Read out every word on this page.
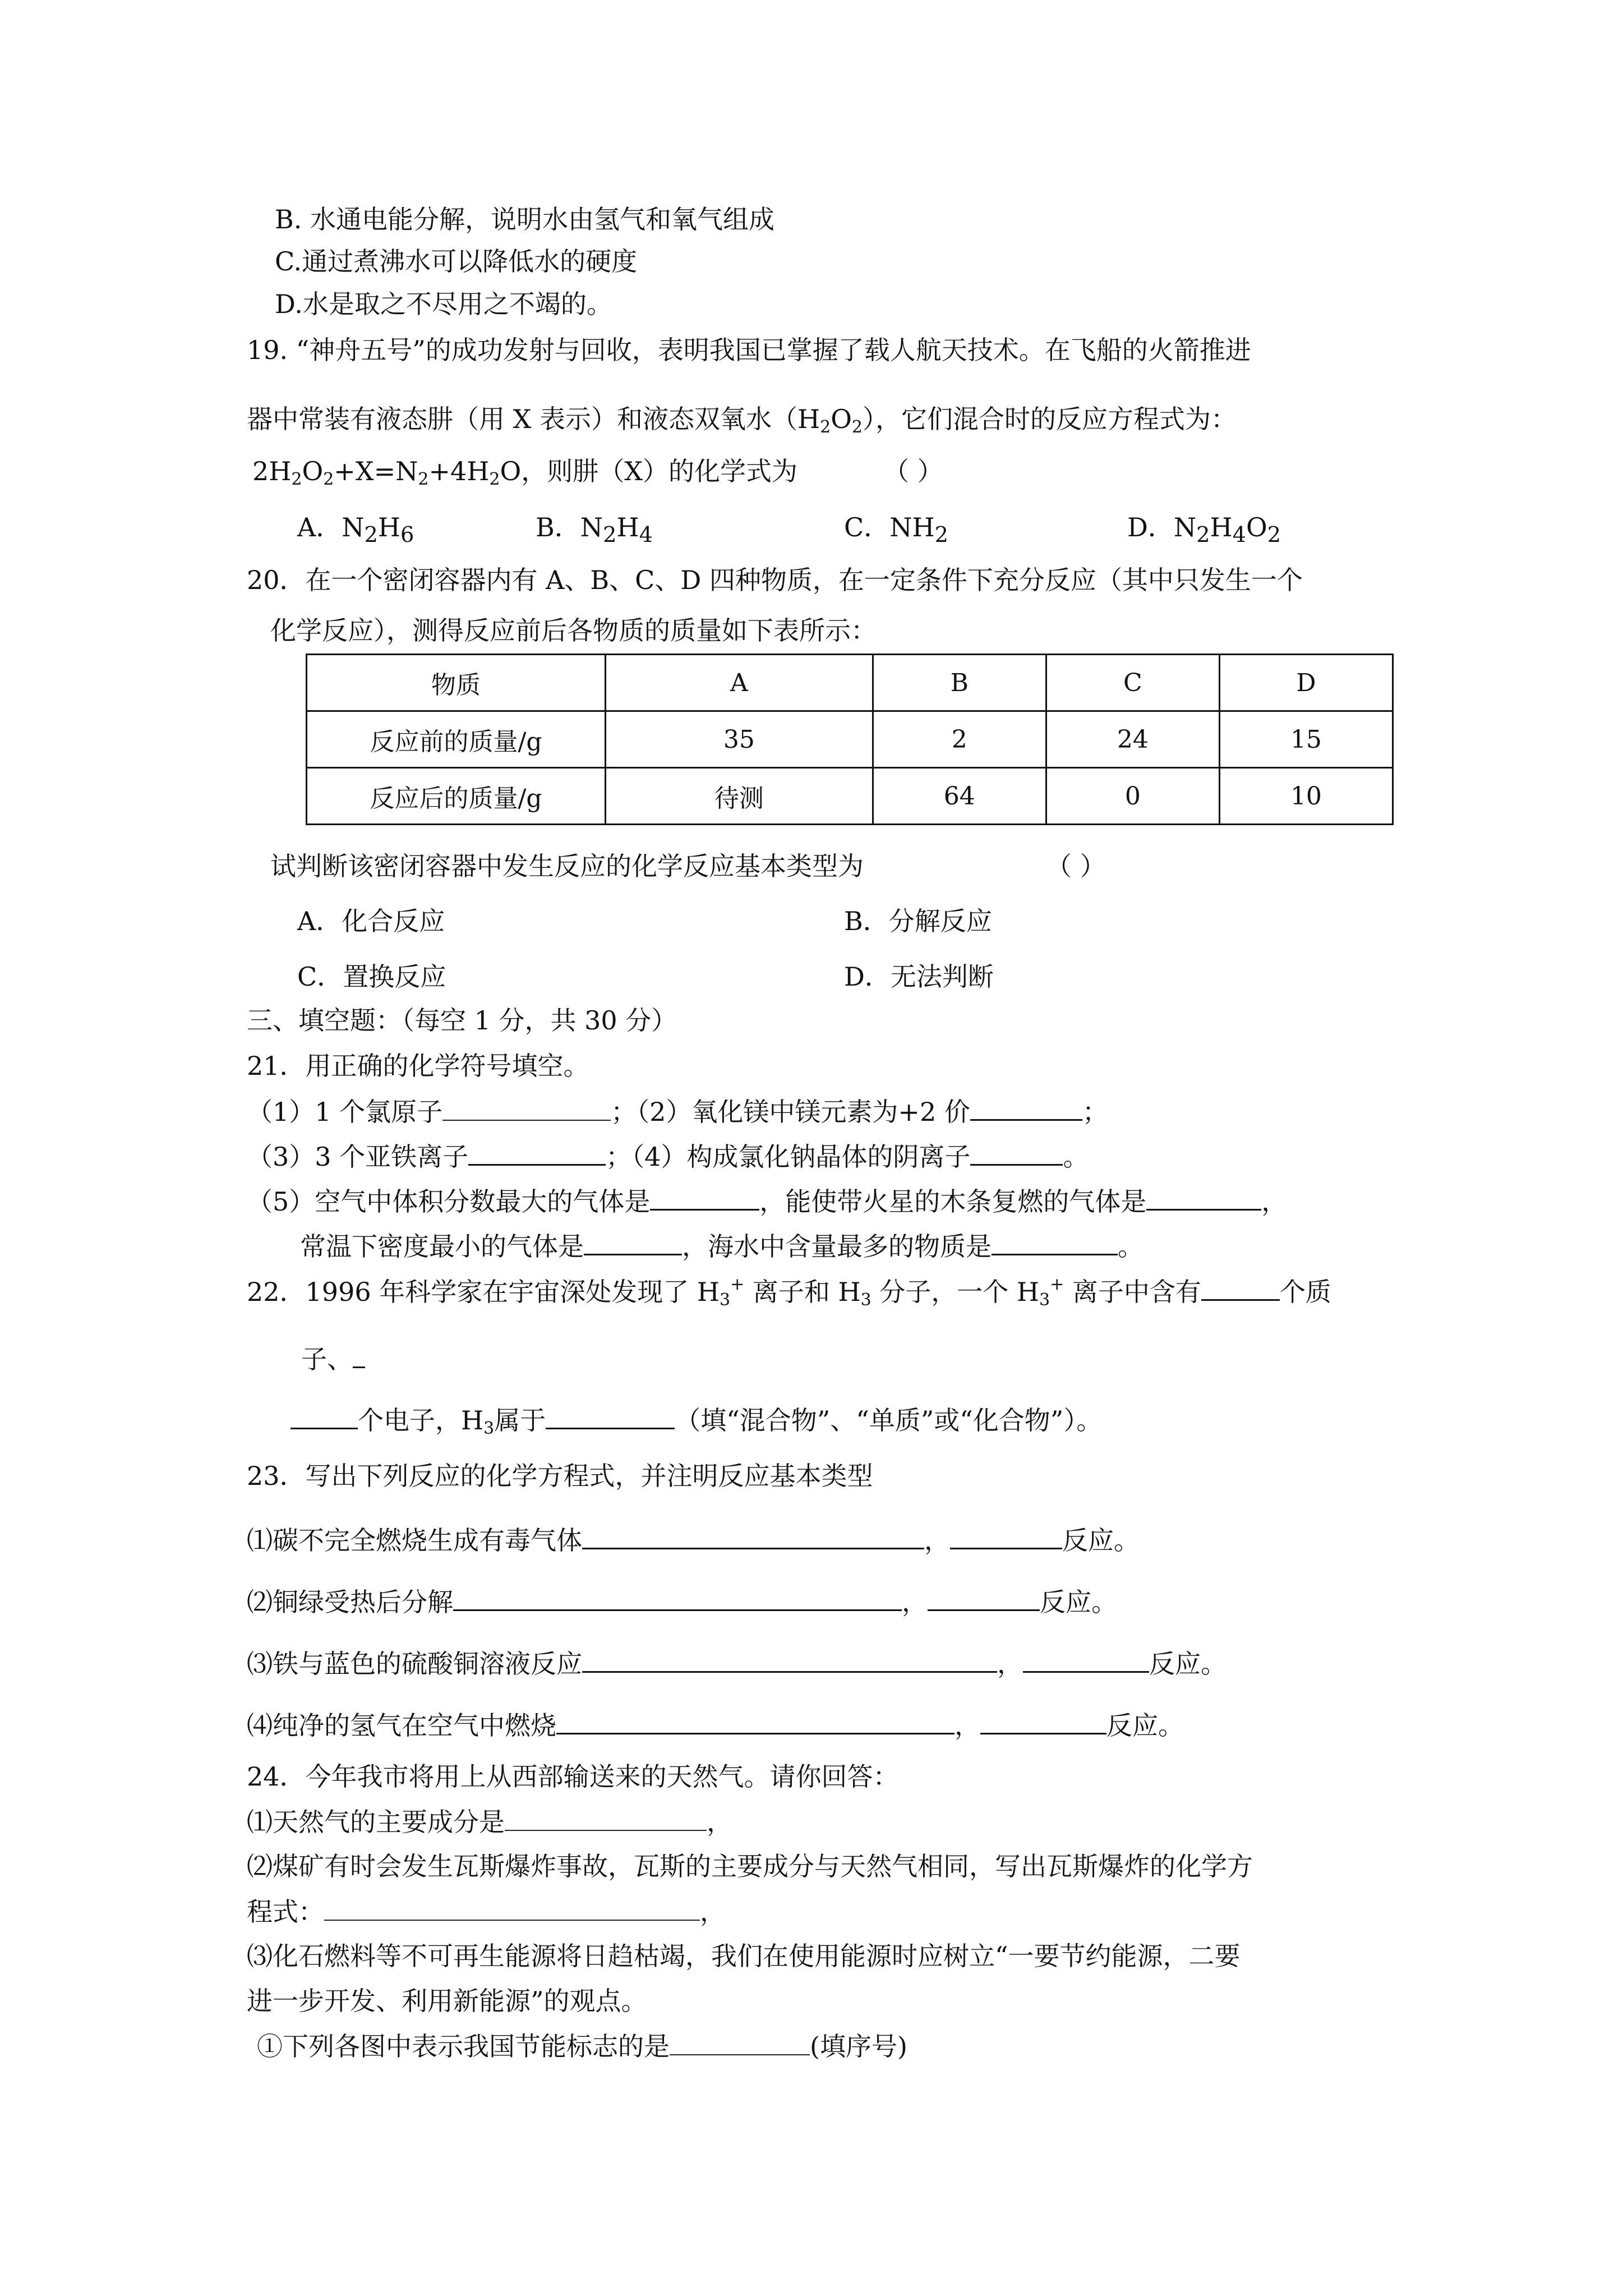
B. 水通电能分解，说明水由氢气和氧气组成
C.通过煮沸水可以降低水的硬度
D.水是取之不尽用之不竭的。
19. “神舟五号”的成功发射与回收，表明我国已掌握了载人航天技术。在飞船的火箭推进
器中常装有液态肼（用 X 表示）和液态双氧水$(H_2O_2)$，它们混合时的反应方程式为：
$2H_2O_2+X=N_2+4H_2O$，则肼（X）的化学式为	（ ）
A．$N_2H_6$	B．$N_2H_4$	C．$NH_2$	D．$N_2H_4O_2$
20．在一个密闭容器内有 A、B、C、D 四种物质，在一定条件下充分反应（其中只发生一个
化学反应），测得反应前后各物质的质量如下表所示：
物质	A	B	C	D
反应前的质量/g	35	2	24	15
反应后的质量/g	待测	64	0	10
试判断该密闭容器中发生反应的化学反应基本类型为	（ ）
A．化合反应	B．分解反应
C．置换反应	D．无法判断
三、填空题：（每空 1 分，共 30 分）
21．用正确的化学符号填空。
（1）1 个氯原子	；（2）氧化镁中镁元素为+2 价	；
（3）3 个亚铁离子	；（4）构成氯化钠晶体的阴离子	。
（5）空气中体积分数最大的气体是	，能使带火星的木条复燃的气体是	，
常温下密度最小的气体是	，海水中含量最多的物质是	。
22．1996 年科学家在宇宙深处发现了 $H_3^+$ 离子和 $H_3$ 分子，一个 $H_3^+$ 离子中含有	个质
子、
个电子，$H_3$属于	（填“混合物”、“单质”或“化合物”）。
23．写出下列反应的化学方程式，并注明反应基本类型
⑴碳不完全燃烧生成有毒气体	，	反应。
⑵铜绿受热后分解	，	反应。
⑶铁与蓝色的硫酸铜溶液反应	，	反应。
⑷纯净的氢气在空气中燃烧	，	反应。
24．今年我市将用上从西部输送来的天然气。请你回答：
⑴天然气的主要成分是	，
⑵煤矿有时会发生瓦斯爆炸事故，瓦斯的主要成分与天然气相同，写出瓦斯爆炸的化学方
程式：	，
⑶化石燃料等不可再生能源将日趋枯竭，我们在使用能源时应树立“一要节约能源，二要
进一步开发、利用新能源”的观点。
①下列各图中表示我国节能标志的是	(填序号)
